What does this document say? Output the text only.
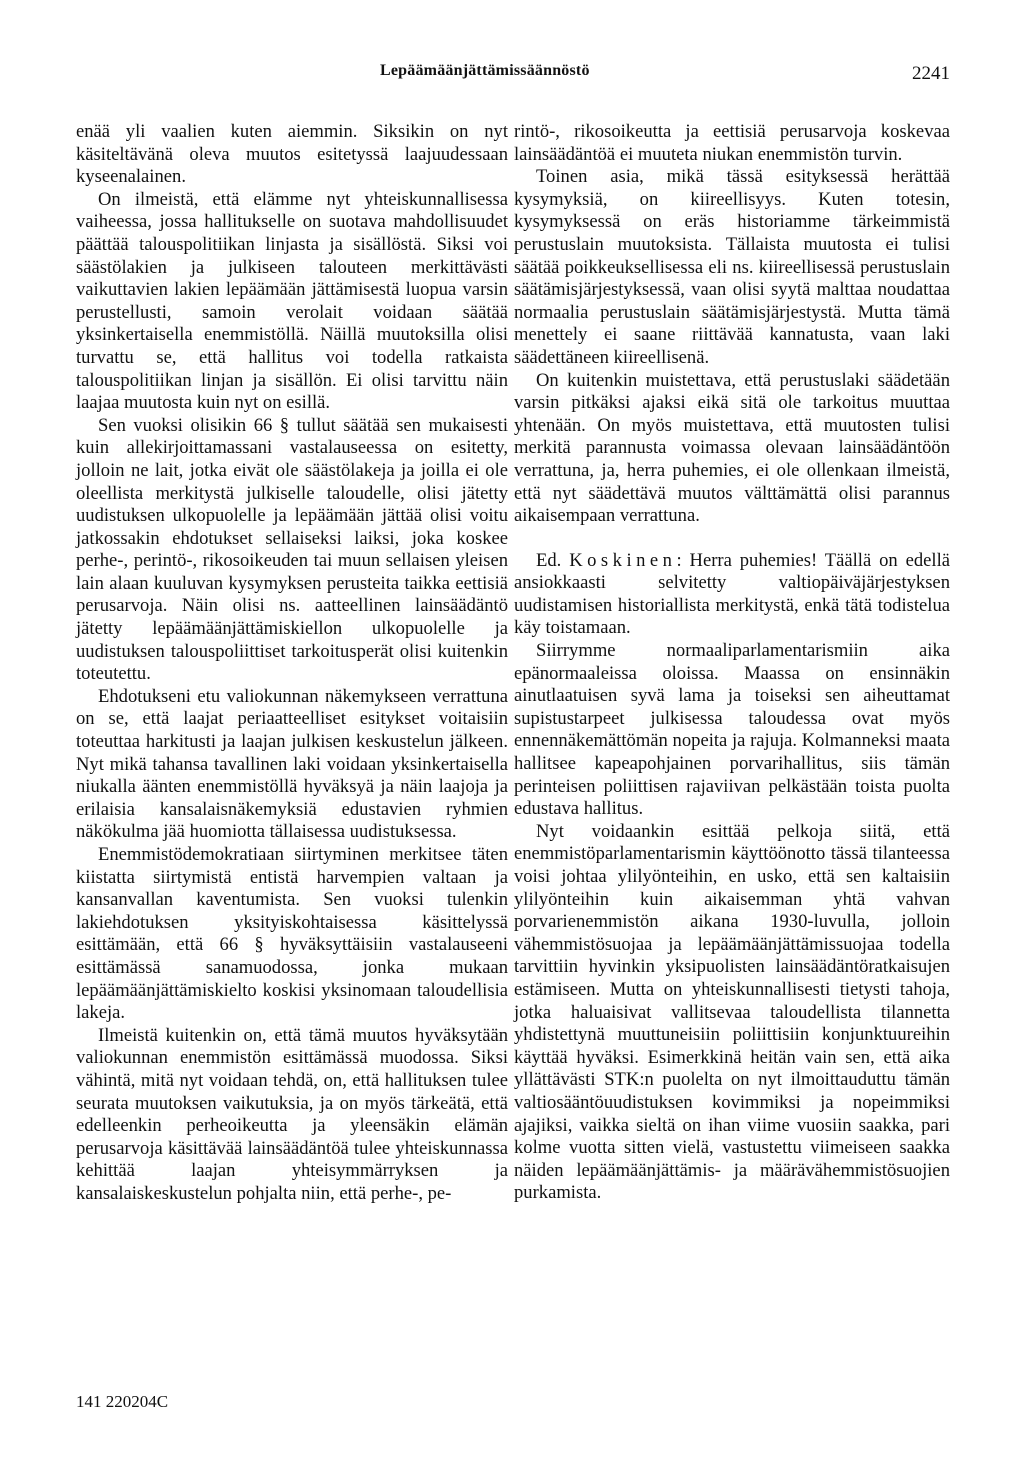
Lepäämäänjättämissäännöstö	2241

enää yli vaalien kuten aiemmin. Siksikin on nyt käsiteltävänä oleva muutos esitetyssä laajuudessaan kyseenalainen.

On ilmeistä, että elämme nyt yhteiskunnallisessa vaiheessa, jossa hallitukselle on suotava mahdollisuudet päättää talouspolitiikan linjasta ja sisällöstä. Siksi voi säästölakien ja julkiseen talouteen merkittävästi vaikuttavien lakien lepäämään jättämisestä luopua varsin perustellusti, samoin verolait voidaan säätää yksinkertaisella enemmistöllä. Näillä muutoksilla olisi turvattu se, että hallitus voi todella ratkaista talouspolitiikan linjan ja sisällön. Ei olisi tarvittu näin laajaa muutosta kuin nyt on esillä.

Sen vuoksi olisikin 66 § tullut säätää sen mukaisesti kuin allekirjoittamassani vastalauseessa on esitetty, jolloin ne lait, jotka eivät ole säästölakeja ja joilla ei ole oleellista merkitystä julkiselle taloudelle, olisi jätetty uudistuksen ulkopuolelle ja lepäämään jättää olisi voitu jatkossakin ehdotukset sellaiseksi laiksi, joka koskee perhe-, perintö-, rikosoikeuden tai muun sellaisen yleisen lain alaan kuuluvan kysymyksen perusteita taikka eettisiä perusarvoja. Näin olisi ns. aatteellinen lainsäädäntö jätetty lepäämäänjättämiskiellon ulkopuolelle ja uudistuksen talouspoliittiset tarkoitusperät olisi kuitenkin toteutettu.

Ehdotukseni etu valiokunnan näkemykseen verrattuna on se, että laajat periaatteelliset esitykset voitaisiin toteuttaa harkitusti ja laajan julkisen keskustelun jälkeen. Nyt mikä tahansa tavallinen laki voidaan yksinkertaisella niukalla äänten enemmistöllä hyväksyä ja näin laajoja ja erilaisia kansalaisnäkemyksiä edustavien ryhmien näkökulma jää huomiotta tällaisessa uudistuksessa.

Enemmistödemokratiaan siirtyminen merkitsee täten kiistatta siirtymistä entistä harvempien valtaan ja kansanvallan kaventumista. Sen vuoksi tulenkin lakiehdotuksen yksityiskohtaisessa käsittelyssä esittämään, että 66 § hyväksyttäisiin vastalauseeni esittämässä sanamuodossa, jonka mukaan lepäämäänjättämiskielto koskisi yksinomaan taloudellisia lakeja.

Ilmeistä kuitenkin on, että tämä muutos hyväksytään valiokunnan enemmistön esittämässä muodossa. Siksi vähintä, mitä nyt voidaan tehdä, on, että hallituksen tulee seurata muutoksen vaikutuksia, ja on myös tärkeätä, että edelleenkin perheoikeutta ja yleensäkin elämän perusarvoja käsittävää lainsäädäntöä tulee yhteiskunnassa kehittää laajan yhteisymmärryksen ja kansalaiskeskustelun pohjalta niin, että perhe-, pe-

rintö-, rikosoikeutta ja eettisiä perusarvoja koskevaa lainsäädäntöä ei muuteta niukan enemmistön turvin.

Toinen asia, mikä tässä esityksessä herättää kysymyksiä, on kiireellisyys. Kuten totesin, kysymyksessä on eräs historiamme tärkeimmistä perustuslain muutoksista. Tällaista muutosta ei tulisi säätää poikkeuksellisessa eli ns. kiireellisessä perustuslain säätämisjärjestyksessä, vaan olisi syytä malttaa noudattaa normaalia perustuslain säätämisjärjestystä. Mutta tämä menettely ei saane riittävää kannatusta, vaan laki säädettäneen kiireellisenä.

On kuitenkin muistettava, että perustuslaki säädetään varsin pitkäksi ajaksi eikä sitä ole tarkoitus muuttaa yhtenään. On myös muistettava, että muutosten tulisi merkitä parannusta voimassa olevaan lainsäädäntöön verrattuna, ja, herra puhemies, ei ole ollenkaan ilmeistä, että nyt säädettävä muutos välttämättä olisi parannus aikaisempaan verrattuna.

Ed. Koskinen: Herra puhemies! Täällä on edellä ansiokkaasti selvitetty valtiopäiväjärjestyksen uudistamisen historiallista merkitystä, enkä tätä todistelua käy toistamaan.

Siirrymme normaaliparlamentarismiin aika epänormaaleissa oloissa. Maassa on ensinnäkin ainutlaatuisen syvä lama ja toiseksi sen aiheuttamat supistustarpeet julkisessa taloudessa ovat myös ennennäkemättömän nopeita ja rajuja. Kolmanneksi maata hallitsee kapeapohjainen porvarihallitus, siis tämän perinteisen poliittisen rajaviivan pelkästään toista puolta edustava hallitus.

Nyt voidaankin esittää pelkoja siitä, että enemmistöparlamentarismin käyttöönotto tässä tilanteessa voisi johtaa ylilyönteihin, en usko, että sen kaltaisiin ylilyönteihin kuin aikaisemman yhtä vahvan porvarienemmistön aikana 1930-luvulla, jolloin vähemmistösuojaa ja lepäämäänjättämissuojaa todella tarvittiin hyvinkin yksipuolisten lainsäädäntöratkaisujen estämiseen. Mutta on yhteiskunnallisesti tietysti tahoja, jotka haluaisivat vallitsevaa taloudellista tilannetta yhdistettynä muuttuneisiin poliittisiin konjunktuureihin käyttää hyväksi. Esimerkkinä heitän vain sen, että aika yllättävästi STK:n puolelta on nyt ilmoittauduttu tämän valtiosääntöuudistuksen kovimmiksi ja nopeimmiksi ajajiksi, vaikka sieltä on ihan viime vuosiin saakka, pari kolme vuotta sitten vielä, vastustettu viimeiseen saakka näiden lepäämäänjättämis- ja määrävähemmistösuojien purkamista.

141 220204C
